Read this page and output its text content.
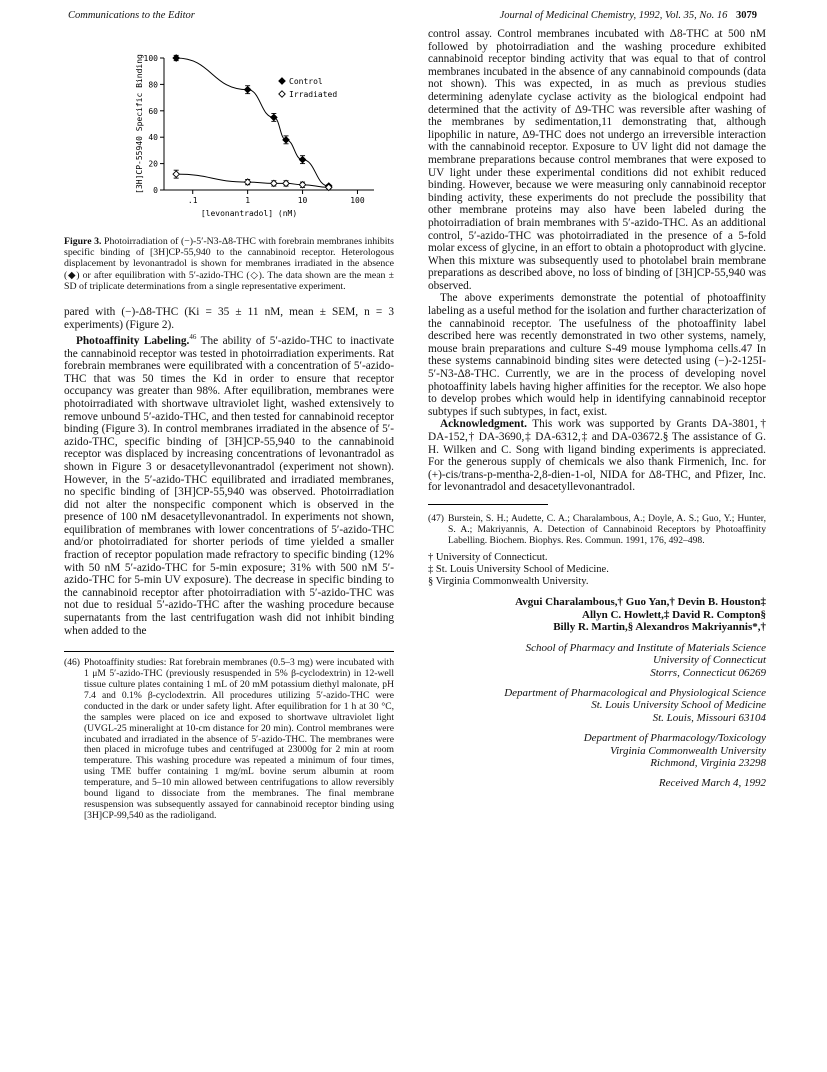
Communications to the Editor	Journal of Medicinal Chemistry, 1992, Vol. 35, No. 16 3079
0
20
40
60
80
100
.1	1	10	100
[levonantradol] (nM)
[3H]CP-55940 Specific Binding	Control
Irradiated
Figure 3. Photoirradiation of (−)-5′-N3-Δ8-THC with forebrain membranes inhibits specific binding of [3H]CP-55,940 to the cannabinoid receptor. Heterologous displacement by levonantradol is shown for membranes irradiated in the absence (◆) or after equilibration with 5′-azido-THC (◇). The data shown are the mean ± SD of triplicate determinations from a single representative experiment.

pared with (−)-Δ8-THC (Ki = 35 ± 11 nM, mean ± SEM, n = 3 experiments) (Figure 2).

Photoaffinity Labeling.$^{46}$ The ability of 5′-azido-THC to inactivate the cannabinoid receptor was tested in photoirradiation experiments. Rat forebrain membranes were equilibrated with a concentration of 5′-azido-THC that was 50 times the Kd in order to ensure that receptor occupancy was greater than 98%. After equilibration, membranes were photoirradiated with shortwave ultraviolet light, washed extensively to remove unbound 5′-azido-THC, and then tested for cannabinoid receptor binding (Figure 3). In control membranes irradiated in the absence of 5′-azido-THC, specific binding of [3H]CP-55,940 to the cannabinoid receptor was displaced by increasing concentrations of levonantradol as shown in Figure 3 or desacetyllevonantradol (experiment not shown). However, in the 5′-azido-THC equilibrated and irradiated membranes, no specific binding of [3H]CP-55,940 was observed. Photoirradiation did not alter the nonspecific component which is observed in the presence of 100 nM desacetyllevonantradol. In experiments not shown, equilibration of membranes with lower concentrations of 5′-azido-THC and/or photoirradiated for shorter periods of time yielded a smaller fraction of receptor population made refractory to specific binding (12% with 50 nM 5′-azido-THC for 5-min exposure; 31% with 500 nM 5′-azido-THC for 5-min UV exposure). The decrease in specific binding to the cannabinoid receptor after photoirradiation with 5′-azido-THC was not due to residual 5′-azido-THC after the washing procedure because supernatants from the last centrifugation wash did not inhibit binding when added to the

(46) Photoaffinity studies: Rat forebrain membranes (0.5–3 mg) were incubated with 1 μM 5′-azido-THC (previously resuspended in 5% β-cyclodextrin) in 12-well tissue culture plates containing 1 mL of 20 mM potassium diethyl malonate, pH 7.4 and 0.1% β-cyclodextrin. All procedures utilizing 5′-azido-THC were conducted in the dark or under safety light. After equilibration for 1 h at 30 °C, the samples were placed on ice and exposed to shortwave ultraviolet light (UVGL-25 mineralight at 10-cm distance for 20 min). Control membranes were incubated and irradiated in the absence of 5′-azido-THC. The membranes were then placed in microfuge tubes and centrifuged at 23000g for 2 min at room temperature. This washing procedure was repeated a minimum of four times, using TME buffer containing 1 mg/mL bovine serum albumin at room temperature, and 5–10 min allowed between centrifugations to allow reversibly bound ligand to dissociate from the membranes. The final membrane resuspension was subsequently assayed for cannabinoid receptor binding using [3H]CP-99,540 as the radioligand.

control assay. Control membranes incubated with Δ8-THC at 500 nM followed by photoirradiation and the washing procedure exhibited cannabinoid receptor binding activity that was equal to that of control membranes incubated in the absence of any cannabinoid compounds (data not shown). This was expected, in as much as previous studies determining adenylate cyclase activity as the biological endpoint had determined that the activity of Δ9-THC was reversible after washing of the membranes by sedimentation,11 demonstrating that, although lipophilic in nature, Δ9-THC does not undergo an irreversible interaction with the cannabinoid receptor. Exposure to UV light did not damage the membrane preparations because control membranes that were exposed to UV light under these experimental conditions did not exhibit reduced binding. However, because we were measuring only cannabinoid receptor binding activity, these experiments do not preclude the possibility that other membrane proteins may also have been labeled during the photoirradiation of brain membranes with 5′-azido-THC. As an additional control, 5′-azido-THC was photoirradiated in the presence of a 5-fold molar excess of glycine, in an effort to obtain a photoproduct with glycine. When this mixture was subsequently used to photolabel brain membrane preparations as described above, no loss of binding of [3H]CP-55,940 was observed.

The above experiments demonstrate the potential of photoaffinity labeling as a useful method for the isolation and further characterization of the cannabinoid receptor. The usefulness of the photoaffinity label described here was recently demonstrated in two other systems, namely, mouse brain preparations and culture S-49 mouse lymphoma cells.47 In these systems cannabinoid binding sites were detected using (−)-2-125I-5′-N3-Δ8-THC. Currently, we are in the process of developing novel photoaffinity labels having higher affinities for the receptor. We also hope to develop probes which would help in identifying cannabinoid receptor subtypes if such subtypes, in fact, exist.

Acknowledgment. This work was supported by Grants DA-3801,† DA-152,† DA-3690,‡ DA-6312,‡ and DA-03672.§ The assistance of G. H. Wilken and C. Song with ligand binding experiments is appreciated. For the generous supply of chemicals we also thank Firmenich, Inc. for (+)-cis/trans-p-mentha-2,8-dien-1-ol, NIDA for Δ8-THC, and Pfizer, Inc. for levonantradol and desacetyllevonantradol.

(47) Burstein, S. H.; Audette, C. A.; Charalambous, A.; Doyle, A. S.; Guo, Y.; Hunter, S. A.; Makriyannis, A. Detection of Cannabinoid Receptors by Photoaffinity Labelling. Biochem. Biophys. Res. Commun. 1991, 176, 492–498.
† University of Connecticut.
‡ St. Louis University School of Medicine.
§ Virginia Commonwealth University.
Avgui Charalambous,† Guo Yan,† Devin B. Houston‡
Allyn C. Howlett,‡ David R. Compton§
Billy R. Martin,§ Alexandros Makriyannis*,†
School of Pharmacy and Institute of Materials Science
University of Connecticut
Storrs, Connecticut 06269
Department of Pharmacological and Physiological Science
St. Louis University School of Medicine
St. Louis, Missouri 63104
Department of Pharmacology/Toxicology
Virginia Commonwealth University
Richmond, Virginia 23298
Received March 4, 1992
